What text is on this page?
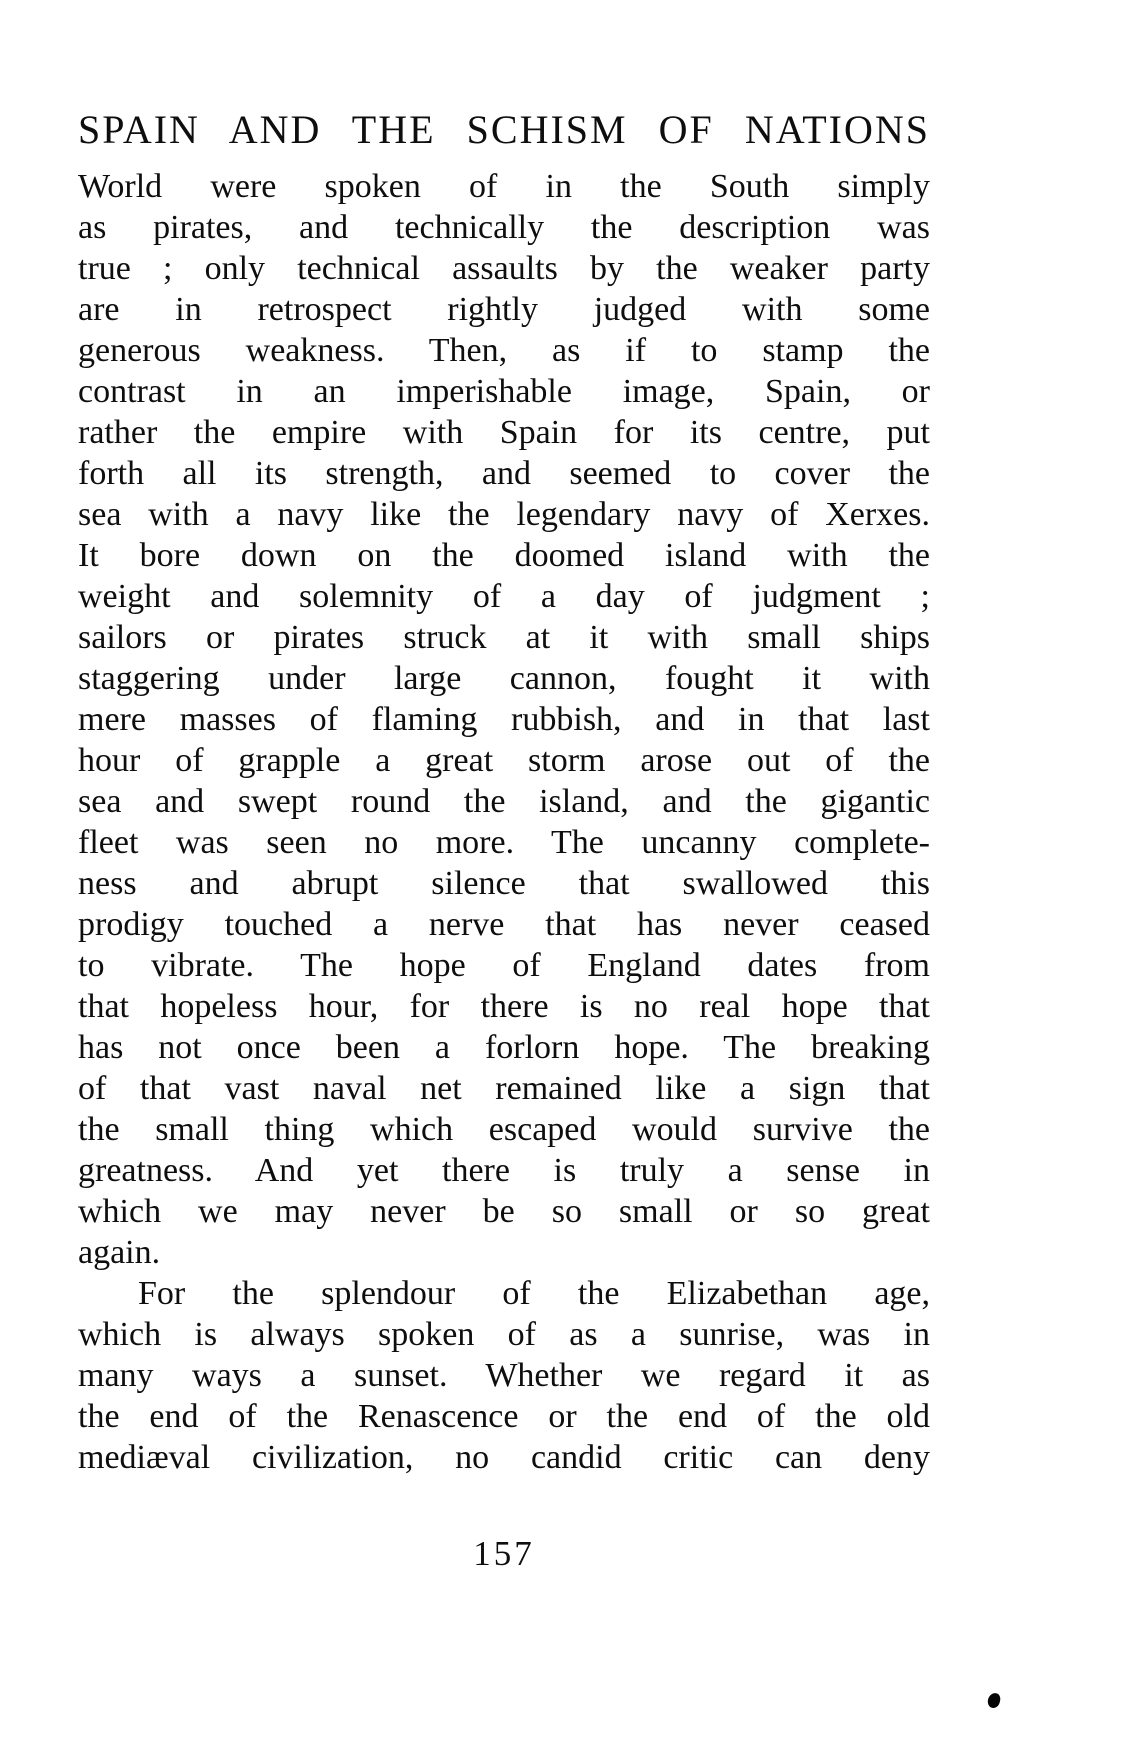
SPAIN AND THE SCHISM OF NATIONS
World were spoken of in the South simply
as pirates, and technically the description was
true ; only technical assaults by the weaker party
are in retrospect rightly judged with some
generous weakness. Then, as if to stamp the
contrast in an imperishable image, Spain, or
rather the empire with Spain for its centre, put
forth all its strength, and seemed to cover the
sea with a navy like the legendary navy of Xerxes.
It bore down on the doomed island with the
weight and solemnity of a day of judgment ;
sailors or pirates struck at it with small ships
staggering under large cannon, fought it with
mere masses of flaming rubbish, and in that last
hour of grapple a great storm arose out of the
sea and swept round the island, and the gigantic
fleet was seen no more. The uncanny complete-
ness and abrupt silence that swallowed this
prodigy touched a nerve that has never ceased
to vibrate. The hope of England dates from
that hopeless hour, for there is no real hope that
has not once been a forlorn hope. The breaking
of that vast naval net remained like a sign that
the small thing which escaped would survive the
greatness. And yet there is truly a sense in
which we may never be so small or so great
again.
For the splendour of the Elizabethan age,
which is always spoken of as a sunrise, was in
many ways a sunset. Whether we regard it as
the end of the Renascence or the end of the old
mediæval civilization, no candid critic can deny
157
